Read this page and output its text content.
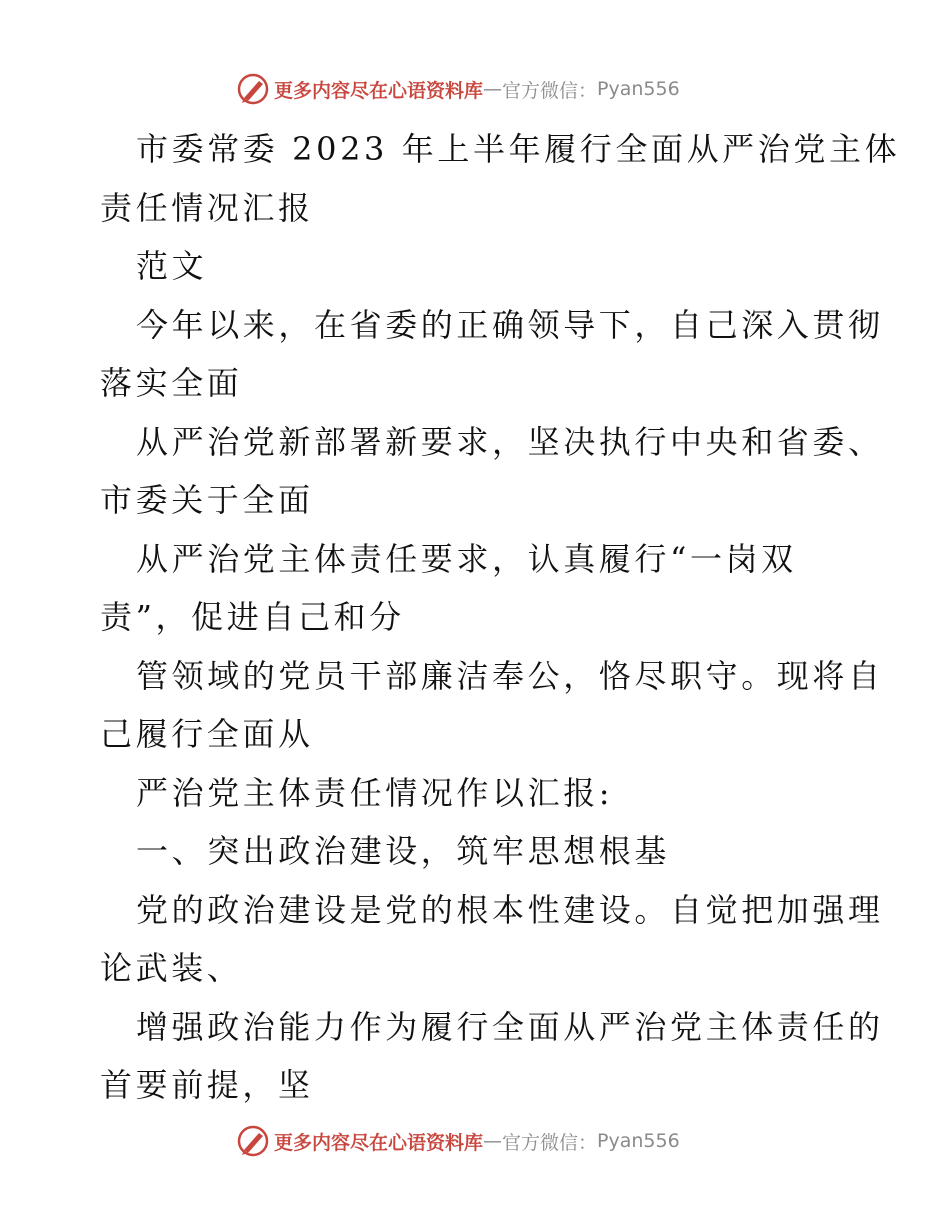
更多内容尽在心语资料库 — 官方微信： Pyan556
市委常委 2023 年上半年履行全面从严治党主体
责任情况汇报
范文
今年以来，在省委的正确领导下，自己深入贯彻
落实全面
从严治党新部署新要求，坚决执行中央和省委、
市委关于全面
从严治党主体责任要求，认真履行“一岗双
责”，促进自己和分
管领域的党员干部廉洁奉公，恪尽职守。现将自
己履行全面从
严治党主体责任情况作以汇报:
一、突出政治建设，筑牢思想根基
党的政治建设是党的根本性建设。自觉把加强理
论武装、
增强政治能力作为履行全面从严治党主体责任的
首要前提，坚
更多内容尽在心语资料库 — 官方微信： Pyan556
